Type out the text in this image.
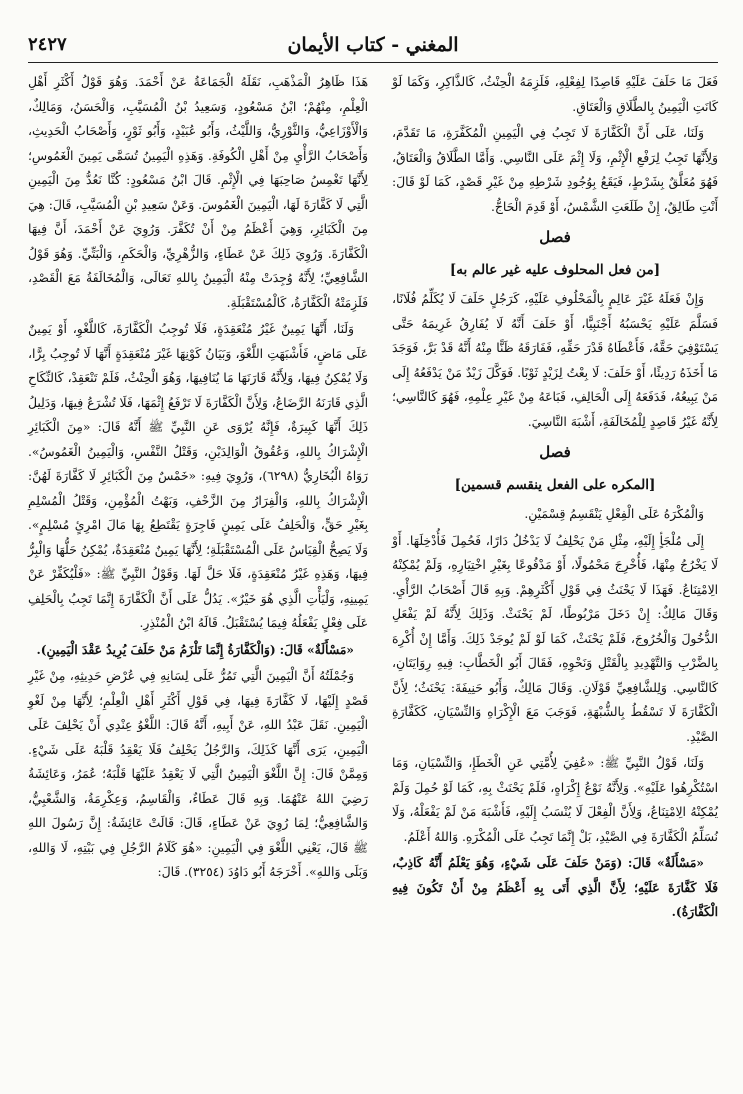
المغني - كتاب الأيمان
٢٤٢٧

فَعَلَ مَا حَلَفَ عَلَيْهِ قَاصِدًا لِفِعْلِهِ، فَلَزِمَهُ الْحِنْثُ، كَالذَّاكِرِ، وَكَمَا لَوْ كَانَتِ الْيَمِينُ بِالطَّلَاقِ وَالْعَتَاقِ.

وَلَنَا، عَلَى أَنَّ الْكَفَّارَةَ لَا تَجِبُ فِي الْيَمِينِ الْمُكَفَّرَةِ، مَا تَقَدَّمَ، وَلِأَنَّهَا تَجِبُ لِرَفْعِ الْإِثْمِ، وَلَا إِثْمَ عَلَى النَّاسِي. وَأَمَّا الطَّلَاقُ وَالْعَتَاقُ، فَهُوَ مُعَلَّقٌ بِشَرْطٍ، فَيَقَعُ بِوُجُودِ شَرْطِهِ مِنْ غَيْرِ قَصْدٍ، كَمَا لَوْ قَالَ: أَنْتِ طَالِقٌ، إِنْ طَلَعَتِ الشَّمْسُ، أَوْ قَدِمَ الْحَاجُّ.

فصل

[من فعل المحلوف عليه غير عالم به]

وَإِنْ فَعَلَهُ غَيْرَ عَالِمٍ بِالْمَحْلُوفِ عَلَيْهِ، كَرَجُلٍ حَلَفَ لَا يُكَلِّمُ فُلَانًا، فَسَلَّمَ عَلَيْهِ يَحْسَبُهُ أَجْنَبِيًّا، أَوْ حَلَفَ أَنَّهُ لَا يُفَارِقُ غَرِيمَهُ حَتَّى يَسْتَوْفِيَ حَقَّهُ، فَأَعْطَاهُ قَدْرَ حَقِّهِ، فَفَارَقَهُ ظَنًّا مِنْهُ أَنَّهُ قَدْ بَرَّ، فَوَجَدَ مَا أَخَذَهُ رَدِيئًا، أَوْ حَلَفَ: لَا بِعْتُ لِزَيْدٍ ثَوْبًا. فَوَكَّلَ زَيْدٌ مَنْ يَدْفَعُهُ إِلَى مَنْ يَبِيعُهُ، فَدَفَعَهُ إِلَى الْحَالِفِ، فَبَاعَهُ مِنْ غَيْرِ عِلْمِهِ، فَهُوَ كَالنَّاسِي؛ لِأَنَّهُ غَيْرُ قَاصِدٍ لِلْمُخَالَفَةِ، أَشْبَهَ النَّاسِيَ.

فصل

[المكره على الفعل ينقسم قسمين]

وَالْمُكْرَهُ عَلَى الْفِعْلِ يَنْقَسِمُ قِسْمَيْنِ.

إِلَى مُلْجَأٍ إِلَيْهِ، مِثْلِ مَنْ يَحْلِفُ لَا يَدْخُلُ دَارًا، فَحُمِلَ فَأُدْخِلَهَا. أَوْ لَا يَخْرُجُ مِنْهَا، فَأُخْرِجَ مَحْمُولًا، أَوْ مَدْفُوعًا بِغَيْرِ اخْتِيَارِهِ، وَلَمْ يُمْكِنْهُ الِامْتِنَاعُ. فَهَذَا لَا يَحْنَثُ فِي قَوْلِ أَكْثَرِهِمْ. وَبِهِ قَالَ أَصْحَابُ الرَّأْيِ. وَقَالَ مَالِكٌ: إِنْ دَخَلَ مَرْبُوطًا، لَمْ يَحْنَثْ. وَذَلِكَ لِأَنَّهُ لَمْ يَفْعَلِ الدُّخُولَ وَالْخُرُوجَ، فَلَمْ يَحْنَثْ، كَمَا لَوْ لَمْ يُوجَدْ ذَلِكَ. وَأَمَّا إِنْ أُكْرِهَ بِالضَّرْبِ وَالتَّهْدِيدِ بِالْقَتْلِ وَنَحْوِهِ، فَقَالَ أَبُو الْخَطَّابِ: فِيهِ رِوَايَتَانِ، كَالنَّاسِي. وَلِلشَّافِعِيِّ قَوْلَانِ. وَقَالَ مَالِكٌ، وَأَبُو حَنِيفَةَ: يَحْنَثُ؛ لِأَنَّ الْكَفَّارَةَ لَا تَسْقُطُ بِالشُّبْهَةِ، فَوَجَبَ مَعَ الْإِكْرَاهِ وَالنِّسْيَانِ، كَكَفَّارَةِ الصَّيْدِ.

وَلَنَا، قَوْلُ النَّبِيِّ ﷺ: «عُفِيَ لِأُمَّتِي عَنِ الْخَطَإِ، وَالنِّسْيَانِ، وَمَا اسْتُكْرِهُوا عَلَيْهِ». وَلِأَنَّهُ نَوْعُ إِكْرَاهٍ، فَلَمْ يَحْنَثْ بِهِ، كَمَا لَوْ حُمِلَ وَلَمْ يُمْكِنْهُ الِامْتِنَاعُ، وَلِأَنَّ الْفِعْلَ لَا يُنْسَبُ إِلَيْهِ، فَأَشْبَهَ مَنْ لَمْ يَفْعَلْهُ، وَلَا نُسَلِّمُ الْكَفَّارَةَ فِي الصَّيْدِ، بَلْ إِنَّمَا تَجِبُ عَلَى الْمُكْرَهِ. وَاللهُ أَعْلَمُ.

«مَسْأَلَةٌ» قَالَ: (وَمَنْ حَلَفَ عَلَى شَيْءٍ، وَهُوَ يَعْلَمُ أَنَّهُ كَاذِبٌ، فَلَا كَفَّارَةَ عَلَيْهِ؛ لِأَنَّ الَّذِي أَتَى بِهِ أَعْظَمُ مِنْ أَنْ تَكُونَ فِيهِ الْكَفَّارَةُ).

هَذَا ظَاهِرُ الْمَذْهَبِ، نَقَلَهُ الْجَمَاعَةُ عَنْ أَحْمَدَ. وَهُوَ قَوْلُ أَكْثَرِ أَهْلِ الْعِلْمِ، مِنْهُمْ؛ ابْنُ مَسْعُودٍ، وَسَعِيدُ بْنُ الْمُسَيَّبِ، وَالْحَسَنُ، وَمَالِكٌ، وَالْأَوْزَاعِيُّ، وَالثَّوْرِيُّ، وَاللَّيْثُ، وَأَبُو عُبَيْدٍ، وَأَبُو ثَوْرٍ، وَأَصْحَابُ الْحَدِيثِ، وَأَصْحَابُ الرَّأْيِ مِنْ أَهْلِ الْكُوفَةِ. وَهَذِهِ الْيَمِينُ تُسَمَّى يَمِينَ الْغَمُوسِ؛ لِأَنَّهَا تَغْمِسُ صَاحِبَهَا فِي الْإِثْمِ. قَالَ ابْنُ مَسْعُودٍ: كُنَّا نَعُدُّ مِنَ الْيَمِينِ الَّتِي لَا كَفَّارَةَ لَهَا، الْيَمِينَ الْغَمُوسَ. وَعَنْ سَعِيدِ بْنِ الْمُسَيَّبِ، قَالَ: هِيَ مِنَ الْكَبَائِرِ، وَهِيَ أَعْظَمُ مِنْ أَنْ تُكَفَّرَ. وَرُوِيَ عَنْ أَحْمَدَ، أَنَّ فِيهَا الْكَفَّارَةَ. وَرُوِيَ ذَلِكَ عَنْ عَطَاءٍ، وَالزُّهْرِيِّ، وَالْحَكَمِ، وَالْبَتِّيِّ. وَهُوَ قَوْلُ الشَّافِعِيِّ؛ لِأَنَّهُ وُجِدَتْ مِنْهُ الْيَمِينُ بِاللهِ تَعَالَى، وَالْمُخَالَفَةُ مَعَ الْقَصْدِ، فَلَزِمَتْهُ الْكَفَّارَةُ، كَالْمُسْتَقْبَلَةِ.

وَلَنَا، أَنَّهَا يَمِينٌ غَيْرُ مُنْعَقِدَةٍ، فَلَا تُوجِبُ الْكَفَّارَةَ، كَاللَّغْوِ، أَوْ يَمِينٌ عَلَى مَاضٍ، فَأَشْبَهَتِ اللَّغْوَ، وَبَيَانُ كَوْنِهَا غَيْرَ مُنْعَقِدَةٍ أَنَّهَا لَا تُوجِبُ بِرًّا، وَلَا يُمْكِنُ فِيهَا، وَلِأَنَّهُ قَارَنَهَا مَا يُنَافِيهَا، وَهُوَ الْحِنْثُ، فَلَمْ تَنْعَقِدْ، كَالنِّكَاحِ الَّذِي قَارَنَهُ الرَّضَاعُ، وَلِأَنَّ الْكَفَّارَةَ لَا تَرْفَعُ إِثْمَهَا، فَلَا تُشْرَعُ فِيهَا، وَدَلِيلُ ذَلِكَ أَنَّهَا كَبِيرَةٌ، فَإِنَّهُ يُرْوَى عَنِ النَّبِيِّ ﷺ أَنَّهُ قَالَ: «مِنَ الْكَبَائِرِ الْإِشْرَاكُ بِاللهِ، وَعُقُوقُ الْوَالِدَيْنِ، وَقَتْلُ النَّفْسِ، وَالْيَمِينُ الْغَمُوسُ». رَوَاهُ الْبُخَارِيُّ (٦٢٩٨)، وَرُوِيَ فِيهِ: «خَمْسٌ مِنَ الْكَبَائِرِ لَا كَفَّارَةَ لَهُنَّ: الْإِشْرَاكُ بِاللهِ، وَالْفِرَارُ مِنَ الزَّحْفِ، وَبَهْتُ الْمُؤْمِنِ، وَقَتْلُ الْمُسْلِمِ بِغَيْرِ حَقٍّ، وَالْحَلِفُ عَلَى يَمِينٍ فَاجِرَةٍ يَقْتَطِعُ بِهَا مَالَ امْرِئٍ مُسْلِمٍ». وَلَا يَصِحُّ الْقِيَاسُ عَلَى الْمُسْتَقْبَلَةِ؛ لِأَنَّهَا يَمِينٌ مُنْعَقِدَةٌ، يُمْكِنُ حَلُّهَا وَالْبِرُّ فِيهَا، وَهَذِهِ غَيْرُ مُنْعَقِدَةٍ، فَلَا حَلَّ لَهَا. وَقَوْلُ النَّبِيِّ ﷺ: «فَلْيُكَفِّرْ عَنْ يَمِينِهِ، وَلْيَأْتِ الَّذِي هُوَ خَيْرٌ». يَدُلُّ عَلَى أَنَّ الْكَفَّارَةَ إِنَّمَا تَجِبُ بِالْحَلِفِ عَلَى فِعْلٍ يَفْعَلُهُ فِيمَا يُسْتَقْبَلُ. قَالَهُ ابْنُ الْمُنْذِرِ.

«مَسْأَلَةٌ» قَالَ: (وَالْكَفَّارَةُ إِنَّمَا تَلْزَمُ مَنْ حَلَفَ يُرِيدُ عَقْدَ الْيَمِينِ).

وَجُمْلَتُهُ أَنَّ الْيَمِينَ الَّتِي تَمُرُّ عَلَى لِسَانِهِ فِي عُرْضِ حَدِيثِهِ، مِنْ غَيْرِ قَصْدٍ إِلَيْهَا، لَا كَفَّارَةَ فِيهَا، فِي قَوْلِ أَكْثَرِ أَهْلِ الْعِلْمِ؛ لِأَنَّهَا مِنْ لَغْوِ الْيَمِينِ. نَقَلَ عَبْدُ اللهِ، عَنْ أَبِيهِ، أَنَّهُ قَالَ: اللَّغْوُ عِنْدِي أَنْ يَحْلِفَ عَلَى الْيَمِينِ، يَرَى أَنَّهَا كَذَلِكَ، وَالرَّجُلُ يَحْلِفُ فَلَا يَعْقِدُ قَلْبَهُ عَلَى شَيْءٍ. وَمِمَّنْ قَالَ: إِنَّ اللَّغْوَ الْيَمِينُ الَّتِي لَا يَعْقِدُ عَلَيْهَا قَلْبَهُ؛ عُمَرُ، وَعَائِشَةُ رَضِيَ اللهُ عَنْهُمَا. وَبِهِ قَالَ عَطَاءٌ، وَالْقَاسِمُ، وَعِكْرِمَةُ، وَالشَّعْبِيُّ، وَالشَّافِعِيُّ؛ لِمَا رُوِيَ عَنْ عَطَاءٍ، قَالَ: قَالَتْ عَائِشَةُ: إِنَّ رَسُولَ اللهِ ﷺ قَالَ، يَعْنِي اللَّغْوَ فِي الْيَمِينِ: «هُوَ كَلَامُ الرَّجُلِ فِي بَيْتِهِ، لَا وَاللهِ، وَبَلَى وَاللهِ». أَخْرَجَهُ أَبُو دَاوُدَ (٣٢٥٤). قَالَ:
